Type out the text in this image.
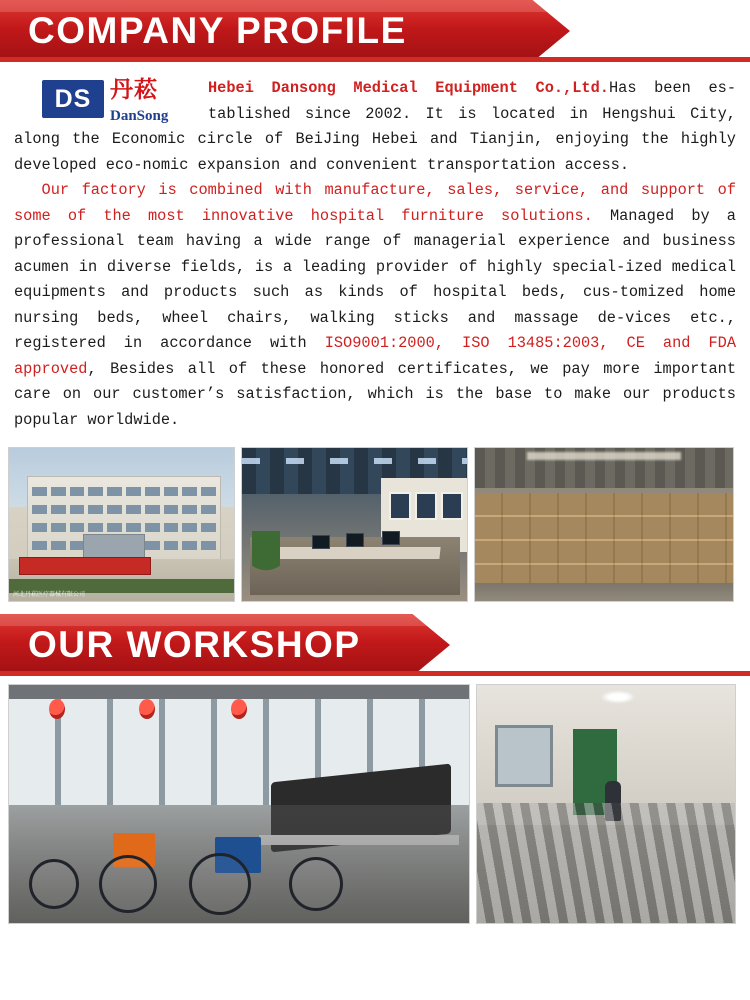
COMPANY PROFILE
DS 丹菘
DanSong

Hebei Dansong Medical Equipment Co.,Ltd.Has been es-tablished since 2002. It is located in Hengshui City, along the Economic circle of BeiJing Hebei and Tianjin, enjoying the highly developed eco-nomic expansion and convenient transportation access.

Our factory is combined with manufacture, sales, service, and support of some of the most innovative hospital furniture solutions. Managed by a professional team having a wide range of managerial experience and business acumen in diverse fields, is a leading provider of highly special-ized medical equipments and products such as kinds of hospital beds, cus-tomized home nursing beds, wheel chairs, walking sticks and massage de-vices etc., registered in accordance with ISO9001:2000, ISO 13485:2003, CE and FDA approved, Besides all of these honored certificates, we pay more important care on our customer’s satisfaction, which is the base to make our products popular worldwide.

河北丹菘医疗器械有限公司
OUR WORKSHOP
